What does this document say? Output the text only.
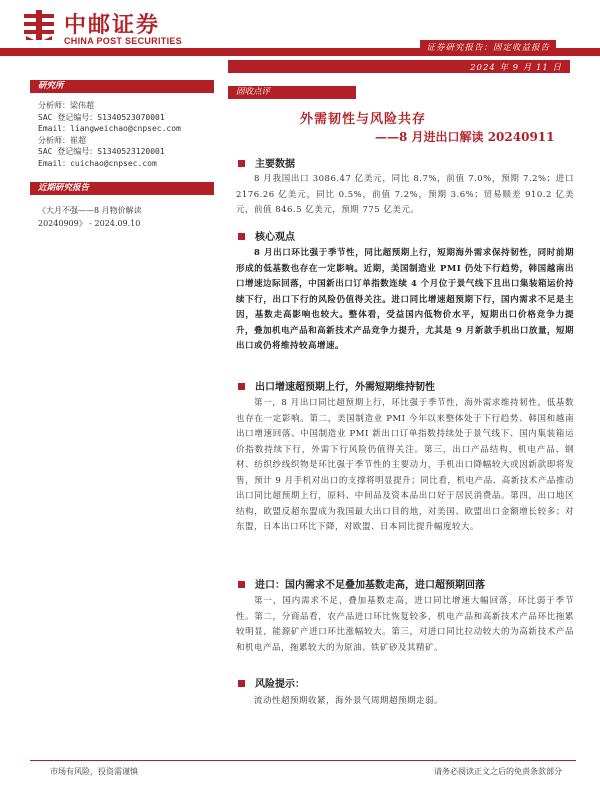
中邮证券
CHINA POST SECURITIES
证券研究报告：固定收益报告
2024 年 9 月 11 日
研究所
分析师：梁伟超
SAC 登记编号：S1340523070001
Email：liangweichao@cnpsec.com
分析师：崔超
SAC 登记编号：S1340523120001
Email：cuichao@cnpsec.com
近期研究报告
《大月不强——8 月物价解读
20240909》 - 2024.09.10
固收点评
外需韧性与风险共存
——8 月进出口解读 20240911
主要数据
8 月我国出口 3086.47 亿美元，同比 8.7%，前值 7.0%，预期 7.2%；进口 2176.26 亿美元，同比 0.5%，前值 7.2%，预期 3.6%；贸易顺差 910.2 亿美元，前值 846.5 亿美元，预期 775 亿美元。
核心观点
8 月出口环比强于季节性，同比超预期上行，短期海外需求保持韧性，同时前期形成的低基数也存在一定影响。近期，美国制造业 PMI 仍处下行趋势，韩国越南出口增速边际回落，中国新出口订单指数连续 4 个月位于景气线下且出口集装箱运价持续下行，出口下行的风险仍值得关注。进口同比增速超预期下行，国内需求不足是主因，基数走高影响也较大。整体看，受益国内低物价水平，短期出口价格竞争力提升，叠加机电产品和高新技术产品竞争力提升，尤其是 9 月新款手机出口放量，短期出口或仍将维持较高增速。
出口增速超预期上行，外需短期维持韧性
第一，8 月出口同比超预期上行，环比强于季节性，海外需求维持韧性，低基数也存在一定影响。第二，美国制造业 PMI 今年以来整体处于下行趋势、韩国和越南出口增速回落、中国制造业 PMI 新出口订单指数持续处于景气线下、国内集装箱运价指数持续下行，外需下行风险仍值得关注。第三，出口产品结构，机电产品、钢材、纺织纱线织物是环比强于季节性的主要动力，手机出口降幅较大或因新款即将发售，预计 9 月手机对出口的支撑将明显提升；同比看，机电产品、高新技术产品推动出口同比超预期上行，原料、中间品及资本品出口好于居民消费品。第四，出口地区结构，欧盟反超东盟成为我国最大出口目的地，对美国、欧盟出口金额增长较多；对东盟，日本出口环比下降，对欧盟、日本同比提升幅度较大。
进口：国内需求不足叠加基数走高，进口超预期回落
第一，国内需求不足，叠加基数走高，进口同比增速大幅回落，环比弱于季节性。第二，分商品看，农产品进口环比恢复较多，机电产品和高新技术产品环比拖累较明显，能源矿产进口环比涨幅较大。第三，对进口同比拉动较大的为高新技术产品和机电产品，拖累较大的为原油、铁矿砂及其精矿。
风险提示：
流动性超预期收紧，海外景气周期超预期走弱。
市场有风险，投资需谨慎	请务必阅读正文之后的免责条款部分
